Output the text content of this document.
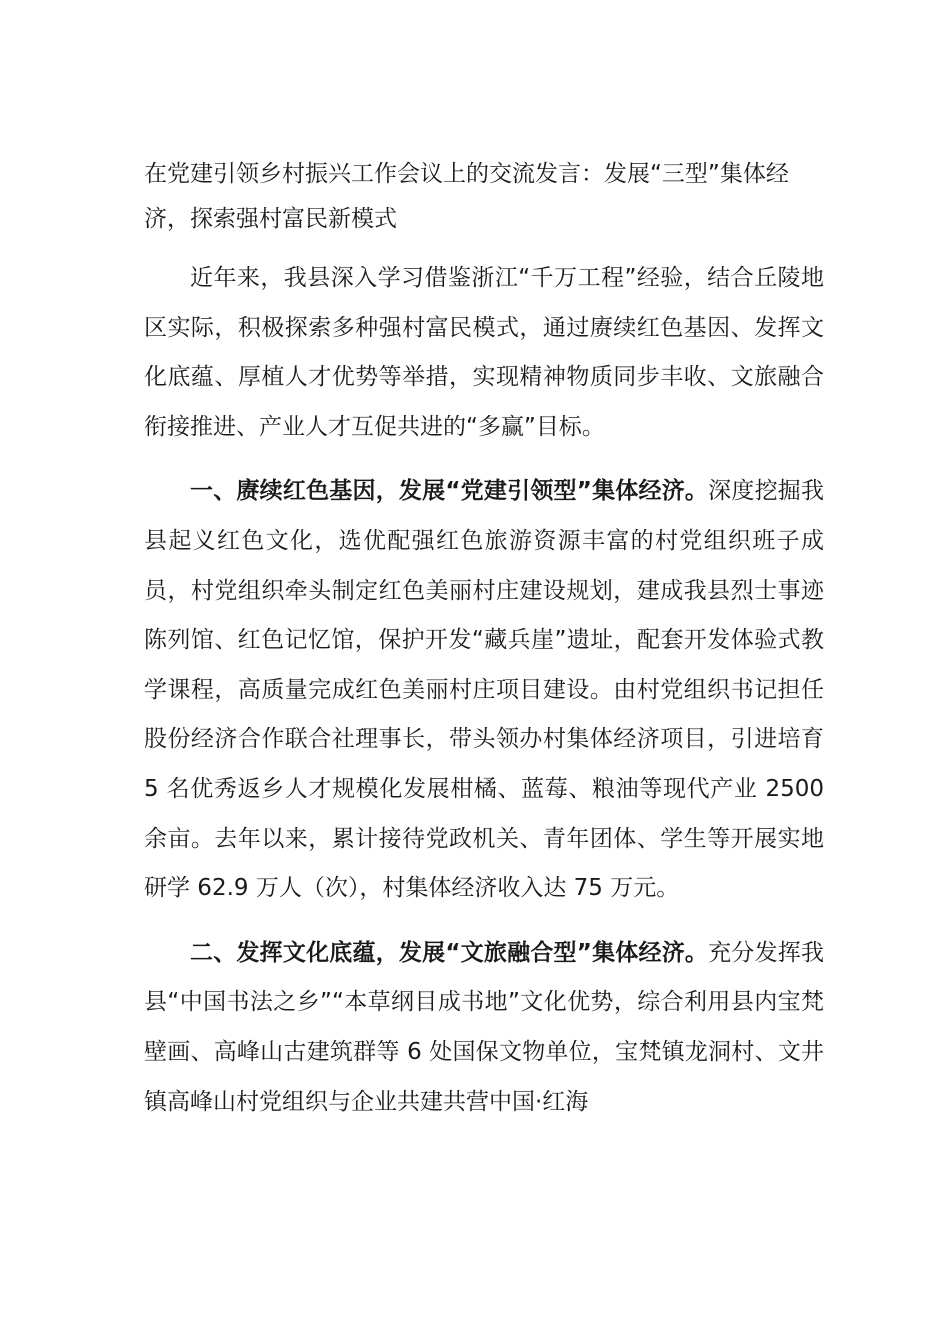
在党建引领乡村振兴工作会议上的交流发言：发展“三型”集体经济，探索强村富民新模式

近年来，我县深入学习借鉴浙江“千万工程”经验，结合丘陵地区实际，积极探索多种强村富民模式，通过赓续红色基因、发挥文化底蕴、厚植人才优势等举措，实现精神物质同步丰收、文旅融合衔接推进、产业人才互促共进的“多赢”目标。

一、赓续红色基因，发展“党建引领型”集体经济。深度挖掘我县起义红色文化，选优配强红色旅游资源丰富的村党组织班子成员，村党组织牵头制定红色美丽村庄建设规划，建成我县烈士事迹陈列馆、红色记忆馆，保护开发“藏兵崖”遗址，配套开发体验式教学课程，高质量完成红色美丽村庄项目建设。由村党组织书记担任股份经济合作联合社理事长，带头领办村集体经济项目，引进培育 5 名优秀返乡人才规模化发展柑橘、蓝莓、粮油等现代产业 2500 余亩。去年以来，累计接待党政机关、青年团体、学生等开展实地研学 62.9 万人（次），村集体经济收入达 75 万元。

二、发挥文化底蕴，发展“文旅融合型”集体经济。充分发挥我县“中国书法之乡”“本草纲目成书地”文化优势，综合利用县内宝梵壁画、高峰山古建筑群等 6 处国保文物单位，宝梵镇龙洞村、文井镇高峰山村党组织与企业共建共营中国·红海
